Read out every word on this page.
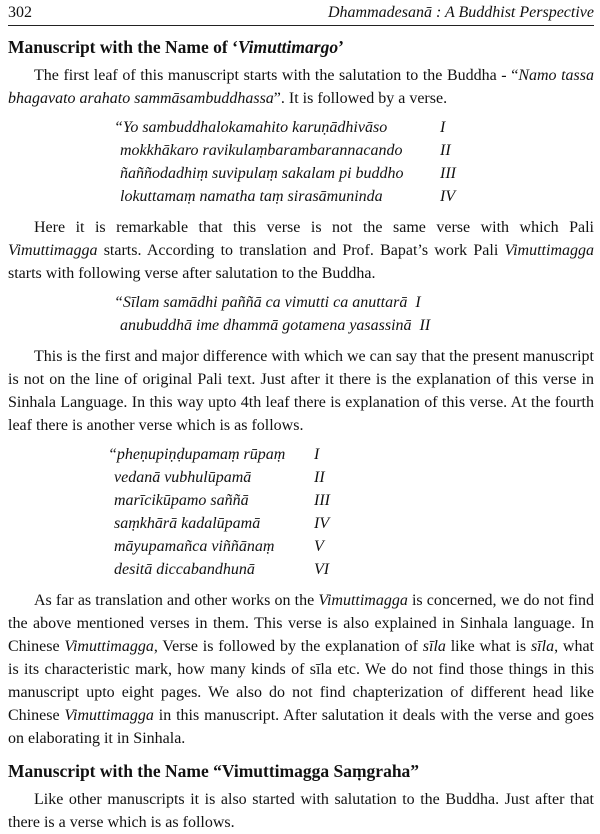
302	Dhammadesanā : A Buddhist Perspective
Manuscript with the Name of ‘Vimuttimargo’

The first leaf of this manuscript starts with the salutation to the Buddha - “Namo tassa bhagavato arahato sammāsambuddhassa”. It is followed by a verse.

“Yo sambuddhalokamahito karuṇādhivāso	I
mokkhākaro ravikulaṃbarambarannacando	II
ñaññodadhiṃ suvipulaṃ sakalam pi buddho	III
lokuttamaṃ namatha taṃ sirasāmuninda	IV

Here it is remarkable that this verse is not the same verse with which Pali Vimuttimagga starts. According to translation and Prof. Bapat’s work Pali Vimuttimagga starts with following verse after salutation to the Buddha.

“Sīlam samādhi paññā ca vimutti ca anuttarā I
anubuddhā ime dhammā gotamena yasassinā II

This is the first and major difference with which we can say that the present manuscript is not on the line of original Pali text. Just after it there is the explanation of this verse in Sinhala Language. In this way upto 4th leaf there is explanation of this verse. At the fourth leaf there is another verse which is as follows.

“pheṇupiṇḍupamaṃ rūpaṃ	I
vedanā vubhulūpamā	II
marīcikūpamo saññā	III
saṃkhārā kadalūpamā	IV
māyupamañca viññānaṃ	V
desitā diccabandhunā	VI

As far as translation and other works on the Vimuttimagga is concerned, we do not find the above mentioned verses in them. This verse is also explained in Sinhala language. In Chinese Vimuttimagga, Verse is followed by the explanation of sīla like what is sīla, what is its characteristic mark, how many kinds of sīla etc. We do not find those things in this manuscript upto eight pages. We also do not find chapterization of different head like Chinese Vimuttimagga in this manuscript. After salutation it deals with the verse and goes on elaborating it in Sinhala.

Manuscript with the Name “Vimuttimagga Saṃgraha”

Like other manuscripts it is also started with salutation to the Buddha. Just after that there is a verse which is as follows.
